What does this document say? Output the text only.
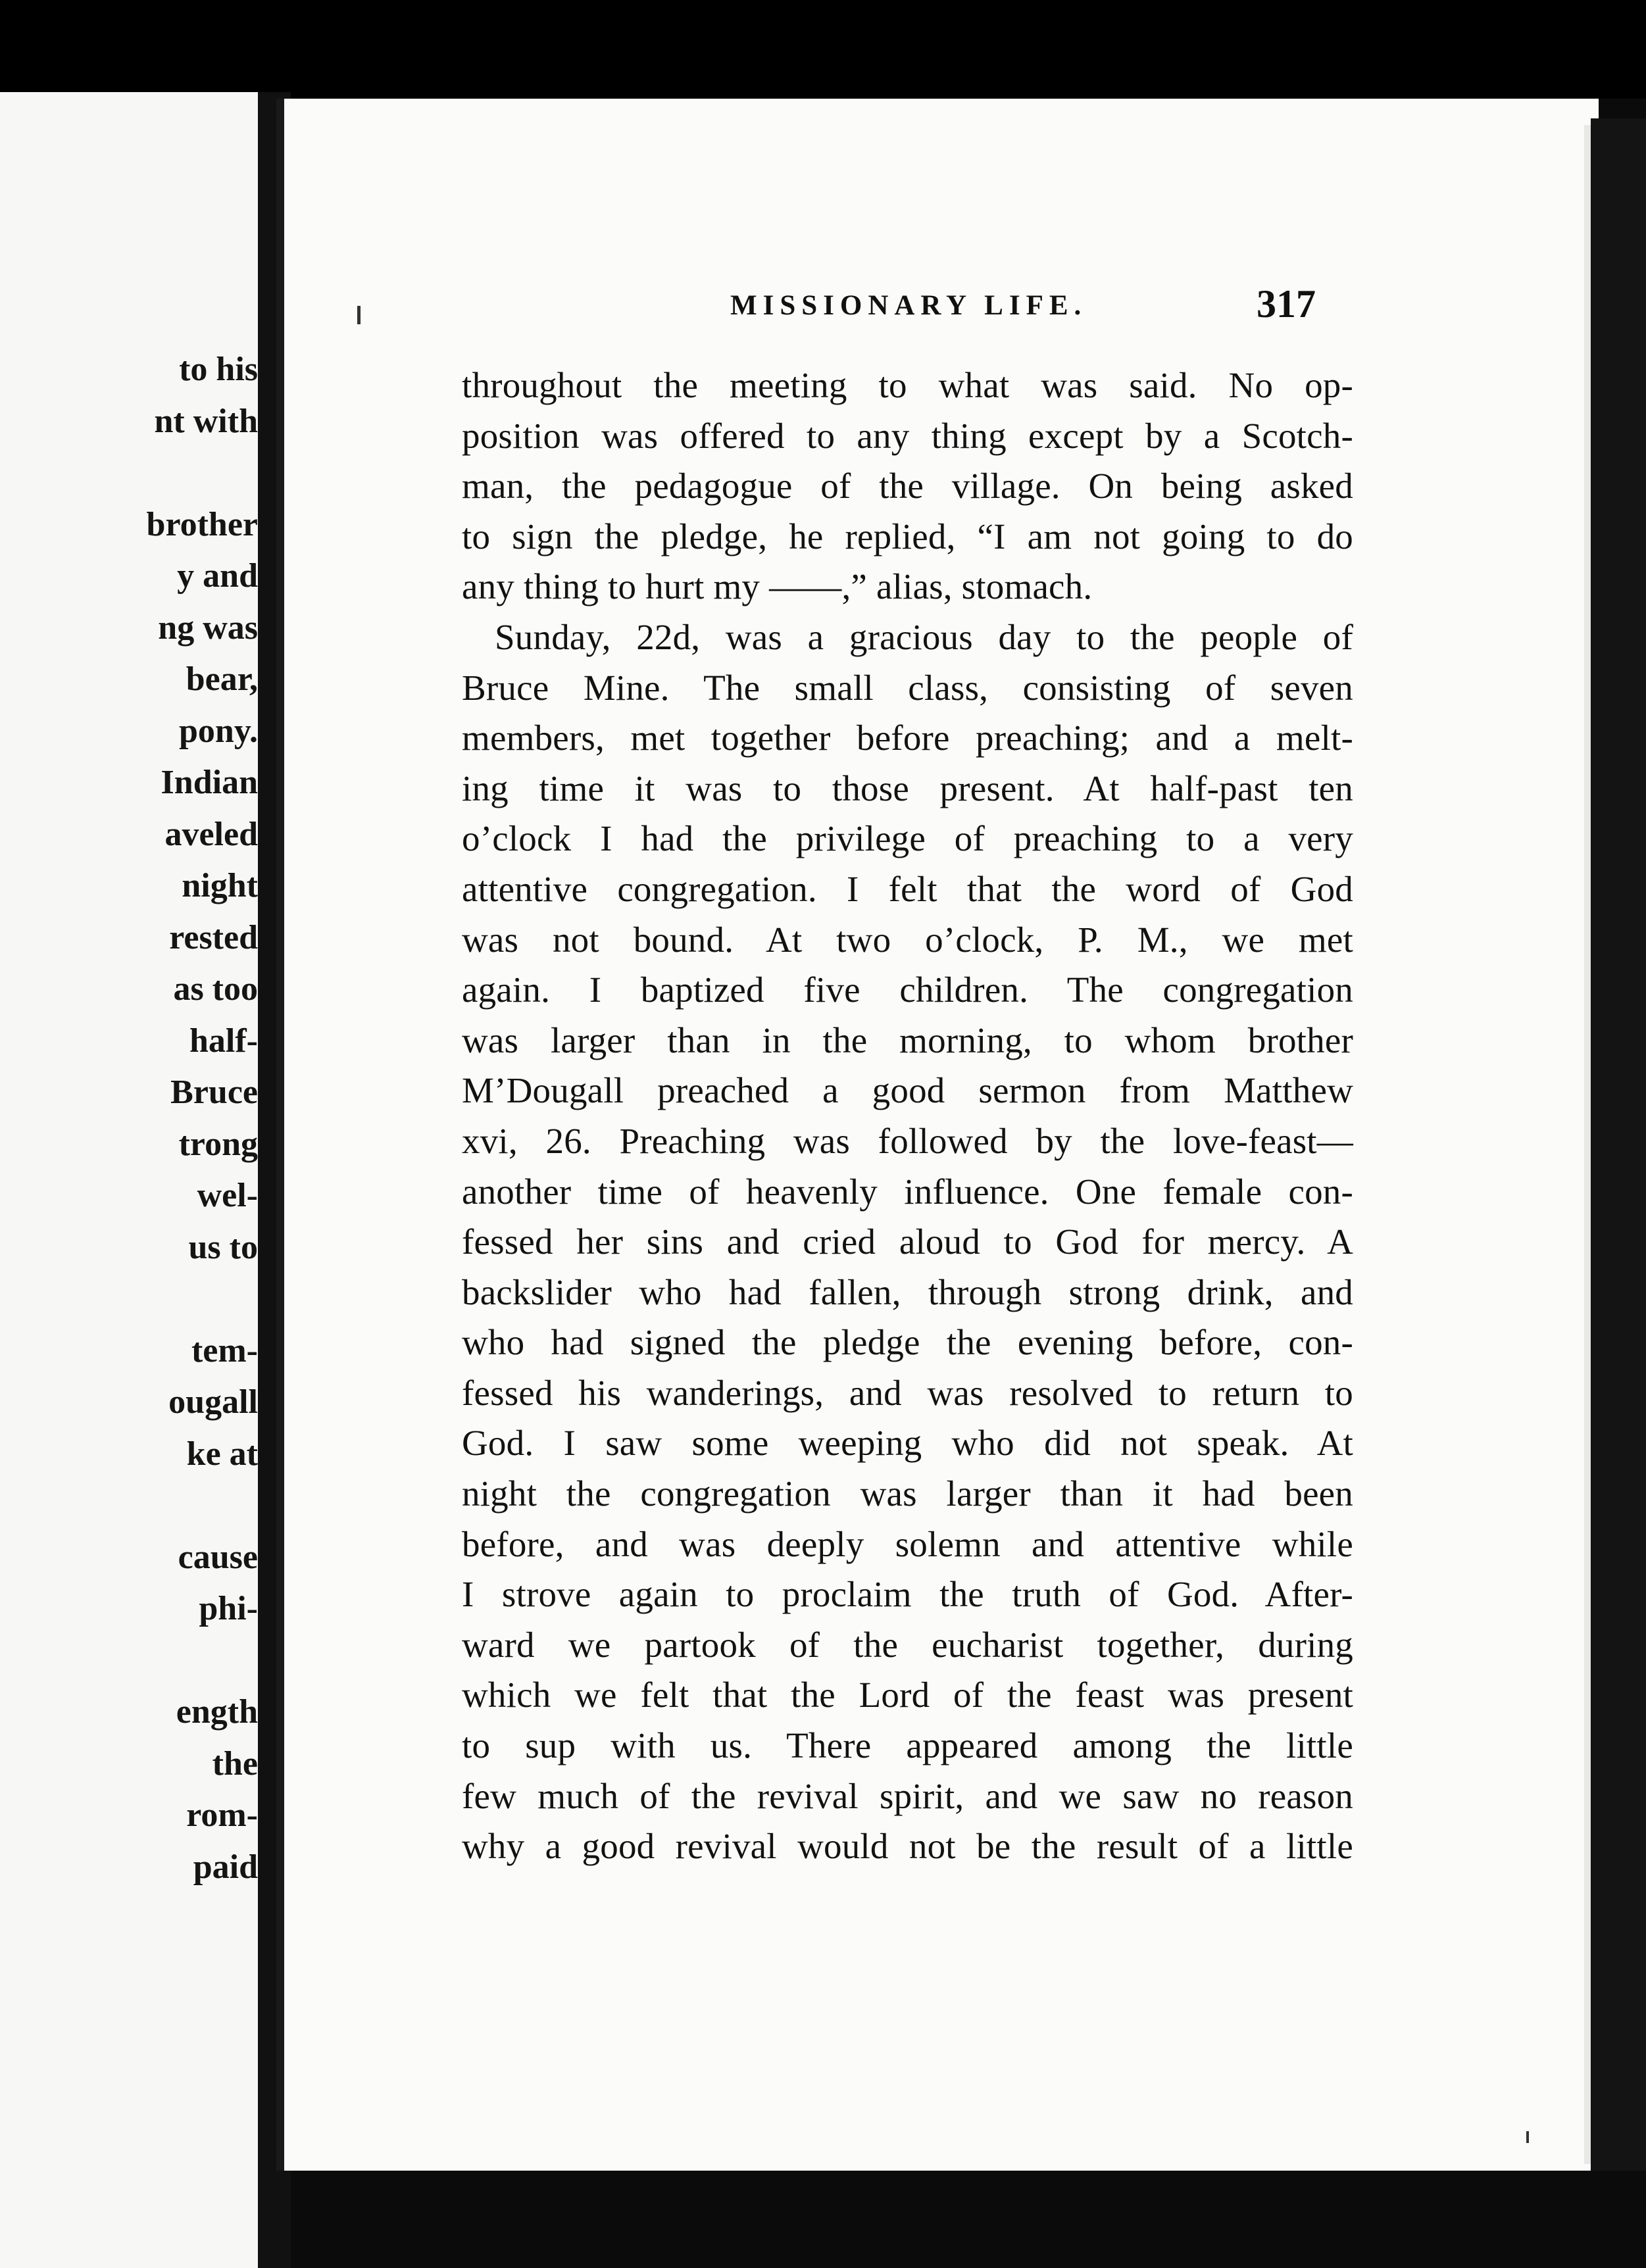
to his
nt with
brother
y and
ng was
bear,
pony.
Indian
aveled
night
rested
as too
half-
Bruce
trong
wel-
us to
tem-
ougall
ke at
cause
phi-
ength
the
rom-
paid
MISSIONARY LIFE.	317
throughout the meeting to what was said. No op-
position was offered to any thing except by a Scotch-
man, the pedagogue of the village. On being asked
to sign the pledge, he replied, “I am not going to do
any thing to hurt my ——,” alias, stomach.
Sunday, 22d, was a gracious day to the people of
Bruce Mine. The small class, consisting of seven
members, met together before preaching; and a melt-
ing time it was to those present. At half-past ten
o’clock I had the privilege of preaching to a very
attentive congregation. I felt that the word of God
was not bound. At two o’clock, P. M., we met
again. I baptized five children. The congregation
was larger than in the morning, to whom brother
M’Dougall preached a good sermon from Matthew
xvi, 26. Preaching was followed by the love-feast—
another time of heavenly influence. One female con-
fessed her sins and cried aloud to God for mercy. A
backslider who had fallen, through strong drink, and
who had signed the pledge the evening before, con-
fessed his wanderings, and was resolved to return to
God. I saw some weeping who did not speak. At
night the congregation was larger than it had been
before, and was deeply solemn and attentive while
I strove again to proclaim the truth of God. After-
ward we partook of the eucharist together, during
which we felt that the Lord of the feast was present
to sup with us. There appeared among the little
few much of the revival spirit, and we saw no reason
why a good revival would not be the result of a little
